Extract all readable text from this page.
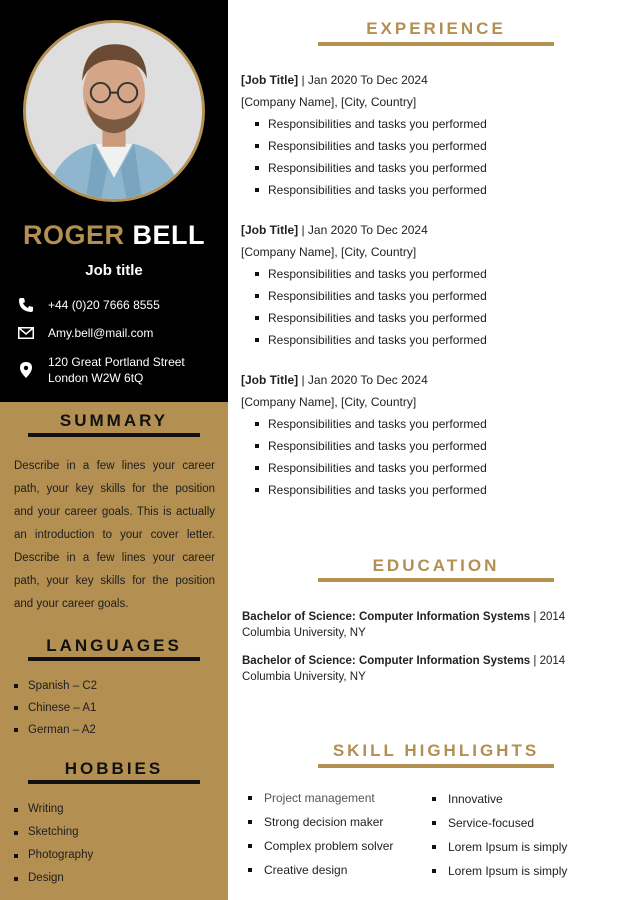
ROGER BELL
Job title
+44 (0)20 7666 8555
Amy.bell@mail.com
120 Great Portland Street
London W2W 6tQ
SUMMARY

Describe in a few lines your career path, your key skills for the position and your career goals. This is actually an introduction to your cover letter. Describe in a few lines your career path, your key skills for the position and your career goals.

LANGUAGES
Spanish – C2
Chinese – A1
German – A2
HOBBIES
Writing
Sketching
Photography
Design
EXPERIENCE
[Job Title] | Jan 2020 To Dec 2024
[Company Name], [City, Country]
Responsibilities and tasks you performed
Responsibilities and tasks you performed
Responsibilities and tasks you performed
Responsibilities and tasks you performed
[Job Title] | Jan 2020 To Dec 2024
[Company Name], [City, Country]
Responsibilities and tasks you performed
Responsibilities and tasks you performed
Responsibilities and tasks you performed
Responsibilities and tasks you performed
[Job Title] | Jan 2020 To Dec 2024
[Company Name], [City, Country]
Responsibilities and tasks you performed
Responsibilities and tasks you performed
Responsibilities and tasks you performed
Responsibilities and tasks you performed
EDUCATION
Bachelor of Science: Computer Information Systems | 2014
Columbia University, NY
Bachelor of Science: Computer Information Systems | 2014
Columbia University, NY
SKILL HIGHLIGHTS
Project management
Strong decision maker
Complex problem solver
Creative design
Innovative
Service-focused
Lorem Ipsum is simply
Lorem Ipsum is simply
